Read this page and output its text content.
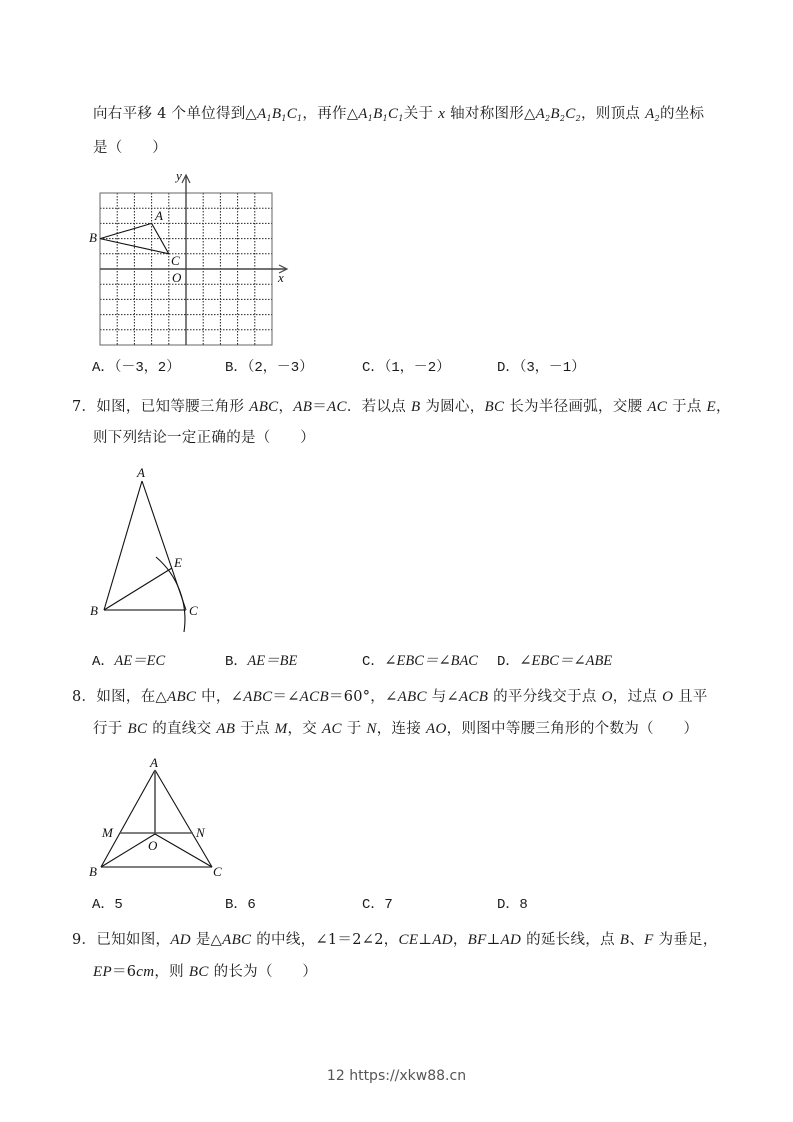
向右平移 4 个单位得到$\triangle A_1B_1C_1$，再作$\triangle A_1B_1C_1$关于 x 轴对称图形$\triangle A_2B_2C_2$，则顶点 $A_2$的坐标
是（　　）
y
x
A
B
C
O
A．（－3，2）	B．（2，－3）	C．（1，－2）	D．（3，－1）
7．如图，已知等腰三角形 ABC，AB＝AC．若以点 B 为圆心，BC 长为半径画弧，交腰 AC 于点 E，
则下列结论一定正确的是（　　）
A
B	C
E
A．AE＝EC	B．AE＝BE	C．∠EBC＝∠BAC D．∠EBC＝∠ABE
8．如图，在△ABC 中，∠ABC＝∠ACB＝60°，∠ABC 与∠ACB 的平分线交于点 O，过点 O 且平
行于 BC 的直线交 AB 于点 M，交 AC 于 N，连接 AO，则图中等腰三角形的个数为（　　）
A
M	N
O
B	C
A．5	B．6	C．7	D．8
9．已知如图，AD 是△ABC 的中线，∠1＝2∠2，CE⊥AD，BF⊥AD 的延长线，点 B、F 为垂足，
EP＝6cm，则 BC 的长为（　　）
12 https://xkw88.cn
